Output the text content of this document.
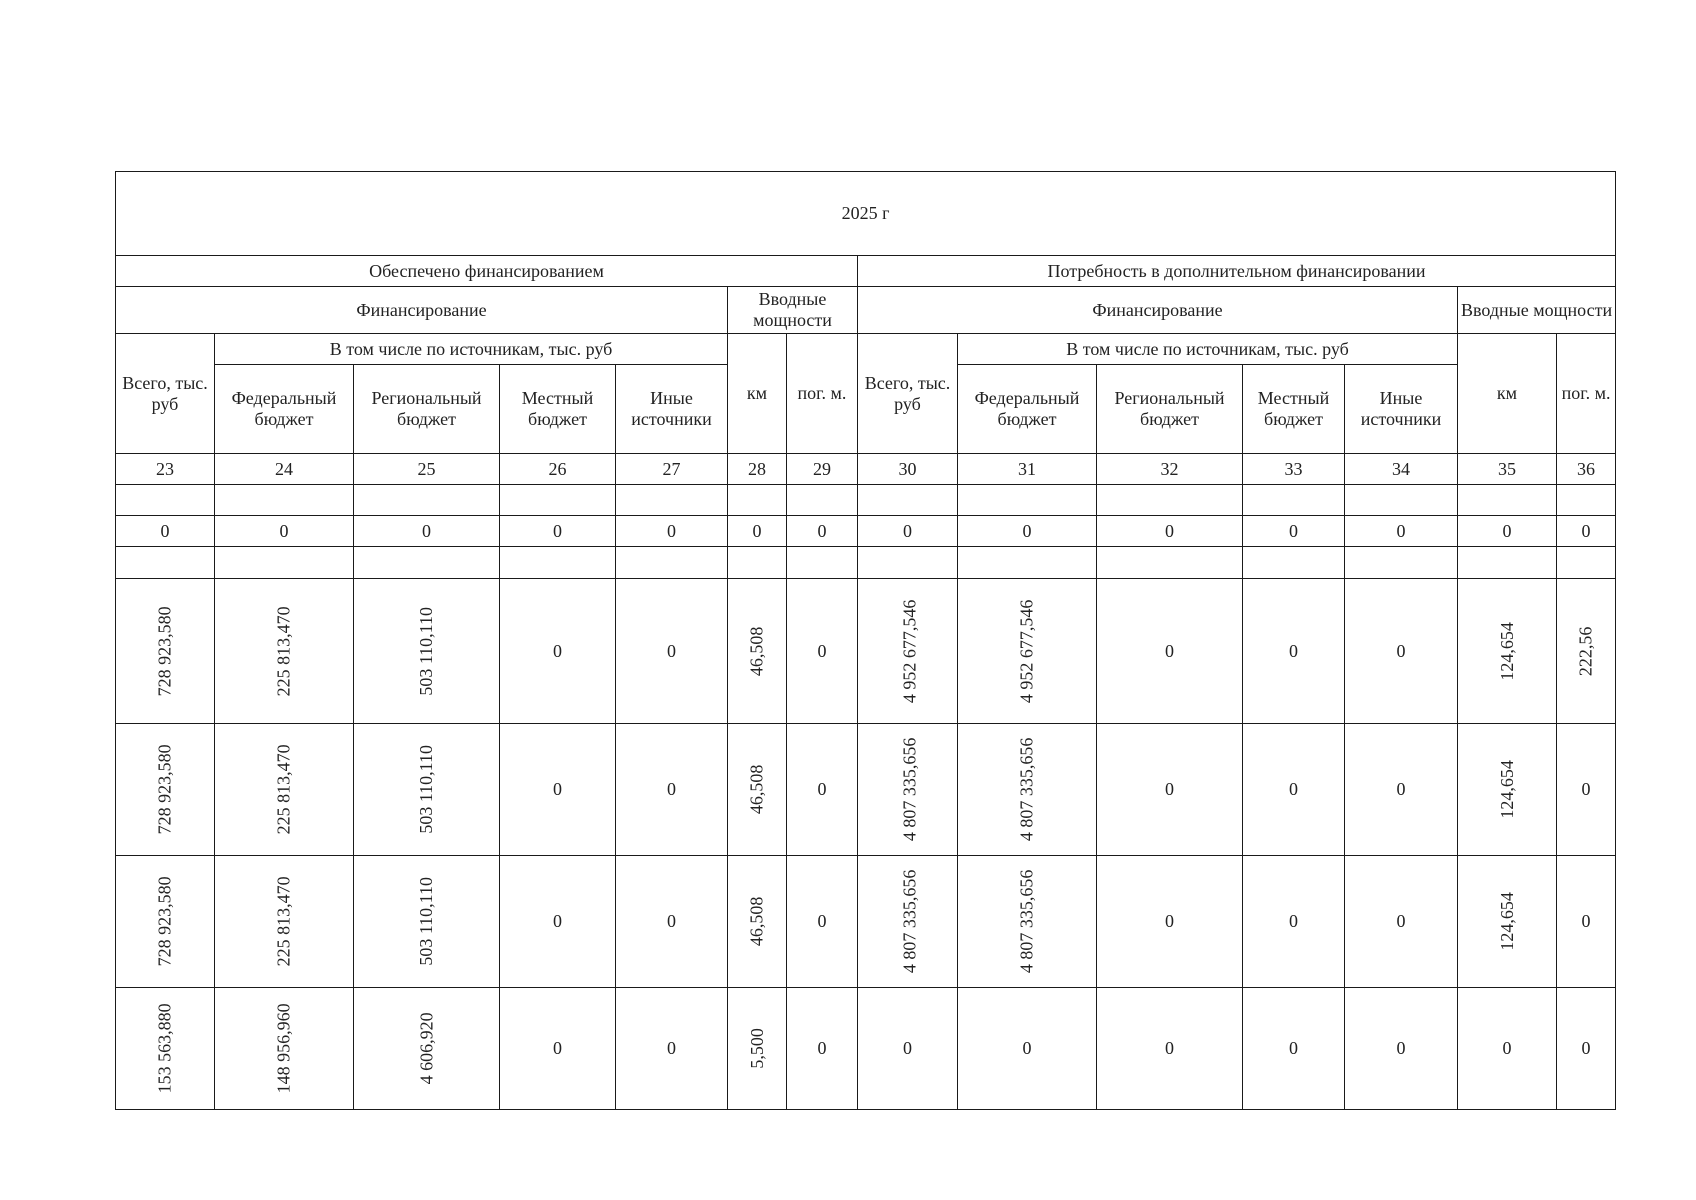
2025 г													
Обеспечено финансированием							Потребность в дополнительном финансировании						
Финансирование					Вводные мощности		Финансирование					Вводные мощности	
Всего, тыс. руб	В том числе по источникам, тыс. руб				км	пог. м.	Всего, тыс. руб	В том числе по источникам, тыс. руб				км	пог. м.
	Федеральный бюджет	Региональный бюджет	Местный бюджет	Иные источники				Федеральный бюджет	Региональный бюджет	Местный бюджет	Иные источники		
23	24	25	26	27	28	29	30	31	32	33	34	35	36

0	0	0	0	0	0	0	0	0	0	0	0	0	0

728 923,580	225 813,470	503 110,110	0	0	46,508	0	4 952 677,546	4 952 677,546	0	0	0	124,654	222,56
728 923,580	225 813,470	503 110,110	0	0	46,508	0	4 807 335,656	4 807 335,656	0	0	0	124,654	0
728 923,580	225 813,470	503 110,110	0	0	46,508	0	4 807 335,656	4 807 335,656	0	0	0	124,654	0
153 563,880	148 956,960	4 606,920	0	0	5,500	0	0	0	0	0	0	0	0
